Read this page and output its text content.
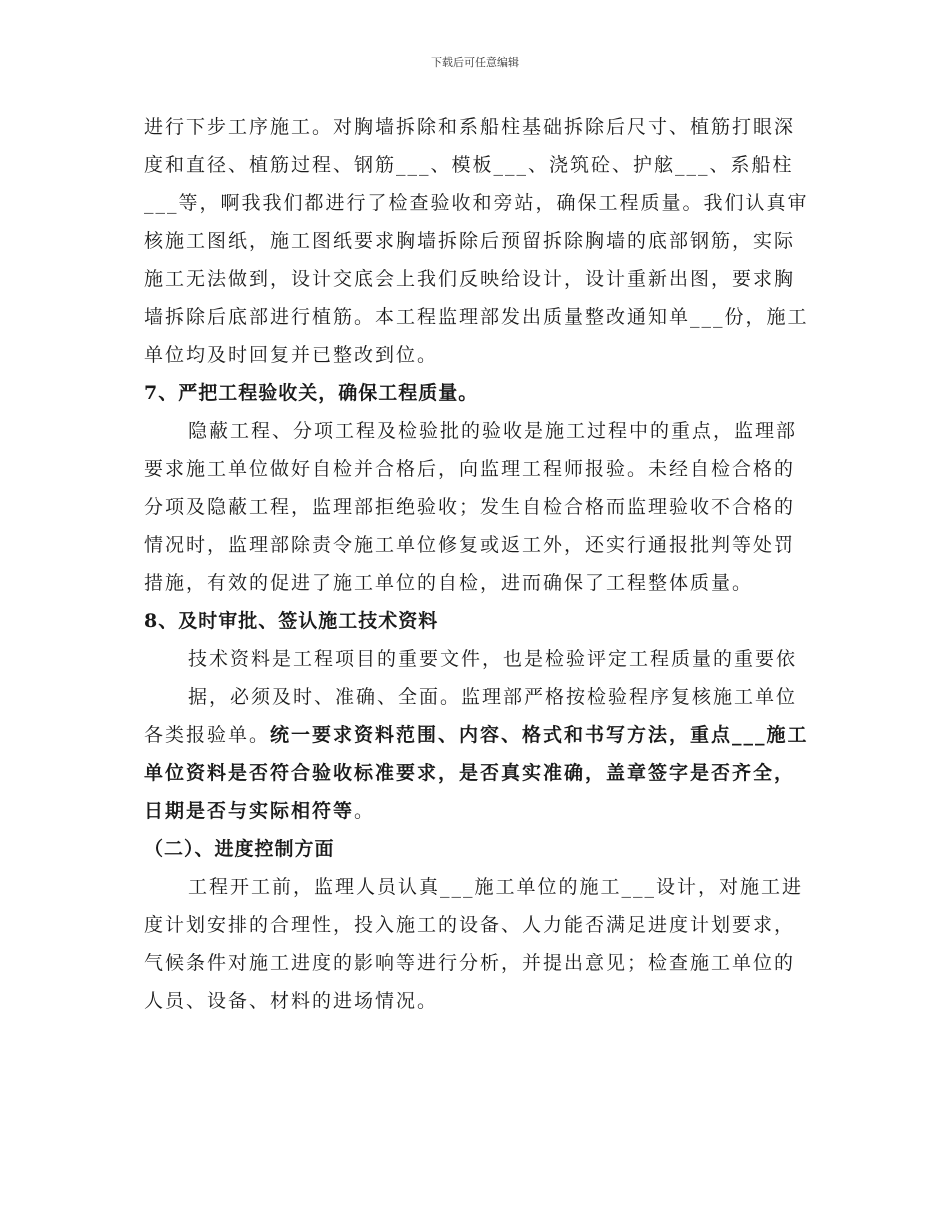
下载后可任意编辑

进行下步工序施工。对胸墙拆除和系船柱基础拆除后尺寸、植筋打眼深度和直径、植筋过程、钢筋___、模板___、浇筑砼、护舷___、系船柱___等，啊我我们都进行了检查验收和旁站，确保工程质量。我们认真审核施工图纸，施工图纸要求胸墙拆除后预留拆除胸墙的底部钢筋，实际施工无法做到，设计交底会上我们反映给设计，设计重新出图，要求胸墙拆除后底部进行植筋。本工程监理部发出质量整改通知单___份，施工单位均及时回复并已整改到位。

7、严把工程验收关，确保工程质量。

隐蔽工程、分项工程及检验批的验收是施工过程中的重点，监理部要求施工单位做好自检并合格后，向监理工程师报验。未经自检合格的分项及隐蔽工程，监理部拒绝验收；发生自检合格而监理验收不合格的情况时，监理部除责令施工单位修复或返工外，还实行通报批判等处罚措施，有效的促进了施工单位的自检，进而确保了工程整体质量。

8、及时审批、签认施工技术资料

技术资料是工程项目的重要文件，也是检验评定工程质量的重要依

据，必须及时、准确、全面。监理部严格按检验程序复核施工单位各类报验单。统一要求资料范围、内容、格式和书写方法，重点___施工单位资料是否符合验收标准要求，是否真实准确，盖章签字是否齐全，日期是否与实际相符等。

（二）、进度控制方面

工程开工前，监理人员认真___施工单位的施工___设计，对施工进度计划安排的合理性，投入施工的设备、人力能否满足进度计划要求，气候条件对施工进度的影响等进行分析，并提出意见；检查施工单位的人员、设备、材料的进场情况。
